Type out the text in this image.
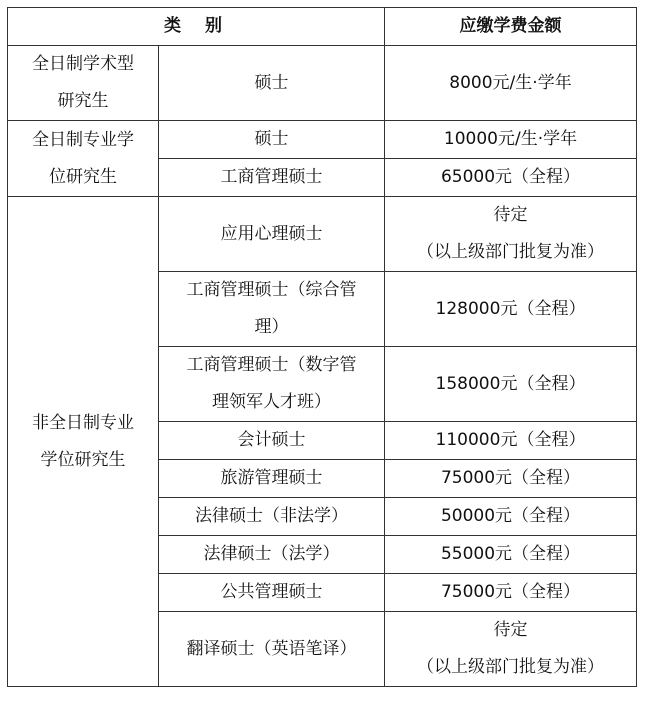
类别		应缴学费金额

全日制学术型
研究生	硕士	8000元/生·学年

全日制专业学
位研究生	硕士	10000元/生·学年

	工商管理硕士	65000元（全程）

非全日制专业
学位研究生	应用心理硕士	待定
（以上级部门批复为准）

	工商管理硕士（综合管
理）	128000元（全程）

	工商管理硕士（数字管
理领军人才班）	158000元（全程）

	会计硕士	110000元（全程）

	旅游管理硕士	75000元（全程）

	法律硕士（非法学）	50000元（全程）

	法律硕士（法学）	55000元（全程）

	公共管理硕士	75000元（全程）

	翻译硕士（英语笔译）	待定
（以上级部门批复为准）
